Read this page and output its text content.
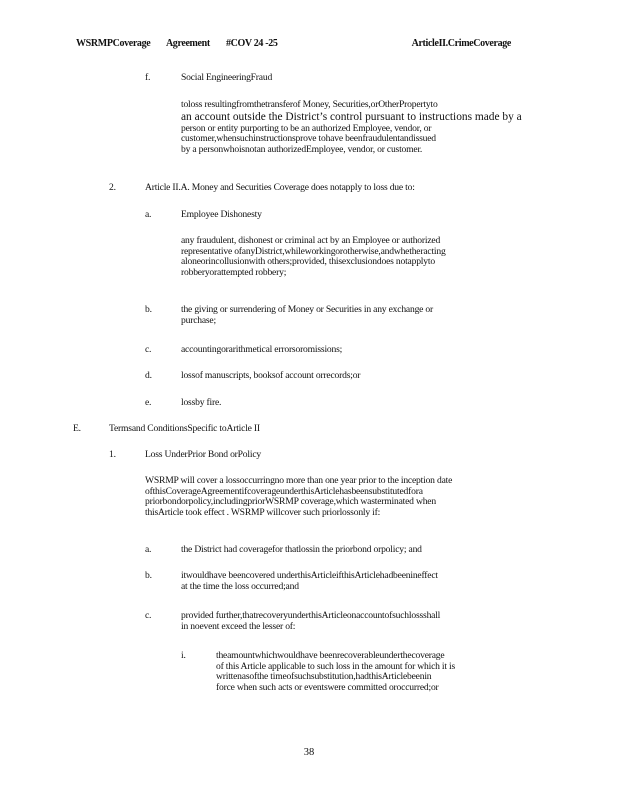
WSRMPCoverage Agreement #COV 24 -25	ArticleII.CrimeCoverage
f.	Social EngineeringFraud
toloss resultingfromthetransferof Money, Securities,orOtherPropertyto
an account outside the District’s control pursuant to instructions made by a
person or entity purporting to be an authorized Employee, vendor, or
customer,whensuchinstructionsprove tohave beenfraudulentandissued
by a personwhoisnotan authorizedEmployee, vendor, or customer.
2.	Article II.A. Money and Securities Coverage does notapply to loss due to:
a.	Employee Dishonesty
any fraudulent, dishonest or criminal act by an Employee or authorized
representative ofanyDistrict,whileworkingorotherwise,andwhetheracting
aloneorincollusionwith others;provided, thisexclusiondoes notapplyto
robberyorattempted robbery;
b.	the giving or surrendering of Money or Securities in any exchange or
purchase;
c.	accountingorarithmetical errorsoromissions;
d.	lossof manuscripts, booksof account orrecords;or
e.	lossby fire.
E.	Termsand ConditionsSpecific toArticle II
1.	Loss UnderPrior Bond orPolicy
WSRMP will cover a lossoccurringno more than one year prior to the inception date
ofthisCoverageAgreementifcoverageunderthisArticlehasbeensubstitutedfora
priorbondorpolicy,includingpriorWSRMP coverage,which wasterminated when
thisArticle took effect . WSRMP willcover such priorlossonly if:
a.	the District had coveragefor thatlossin the priorbond orpolicy; and
b.	itwouldhave beencovered underthisArticleifthisArticlehadbeenineffect
at the time the loss occurred;and
c.	provided further,thatrecoveryunderthisArticleonaccountofsuchlossshall
in noevent exceed the lesser of:
i.	theamountwhichwouldhave beenrecoverableunderthecoverage
of this Article applicable to such loss in the amount for which it is
writtenasofthe timeofsuchsubstitution,hadthisArticlebeenin
force when such acts or eventswere committed oroccurred;or
38
